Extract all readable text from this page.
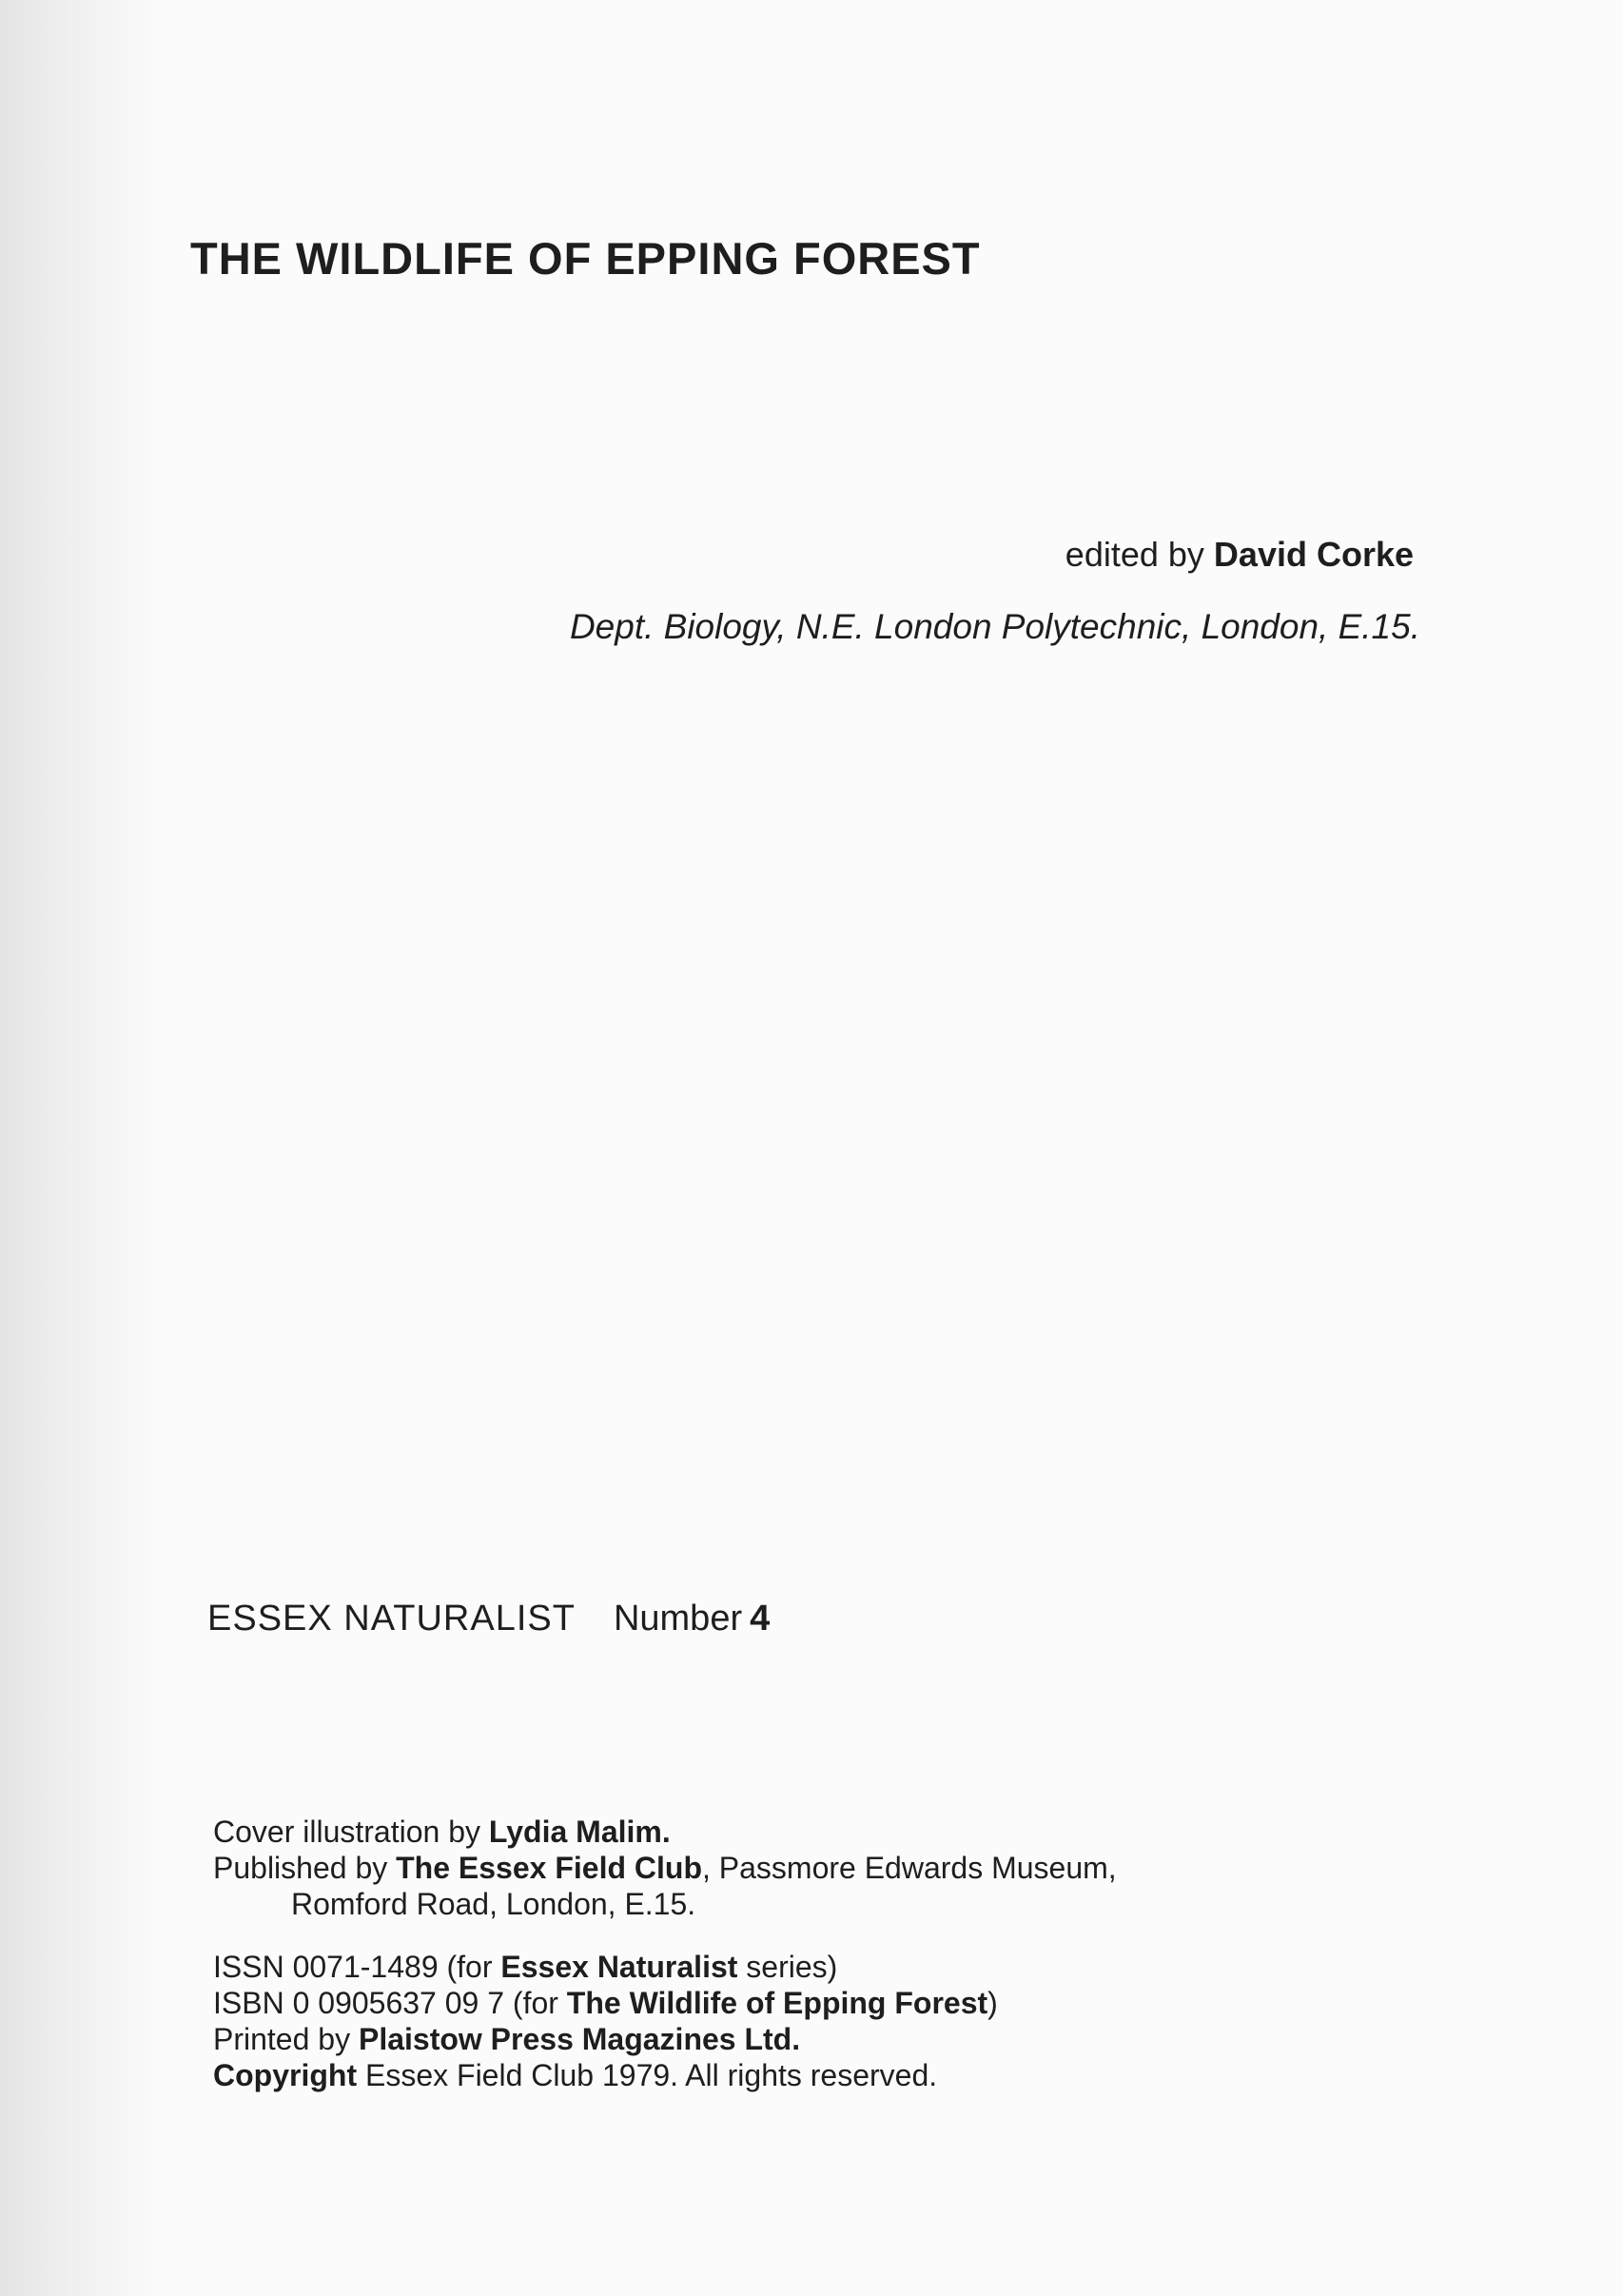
THE WILDLIFE OF EPPING FOREST
edited by David Corke
Dept. Biology, N.E. London Polytechnic, London, E.15.
ESSEX NATURALIST Number 4
Cover illustration by Lydia Malim.
Published by The Essex Field Club, Passmore Edwards Museum,
Romford Road, London, E.15.
ISSN 0071-1489 (for Essex Naturalist series)
ISBN 0 0905637 09 7 (for The Wildlife of Epping Forest)
Printed by Plaistow Press Magazines Ltd.
Copyright Essex Field Club 1979. All rights reserved.
